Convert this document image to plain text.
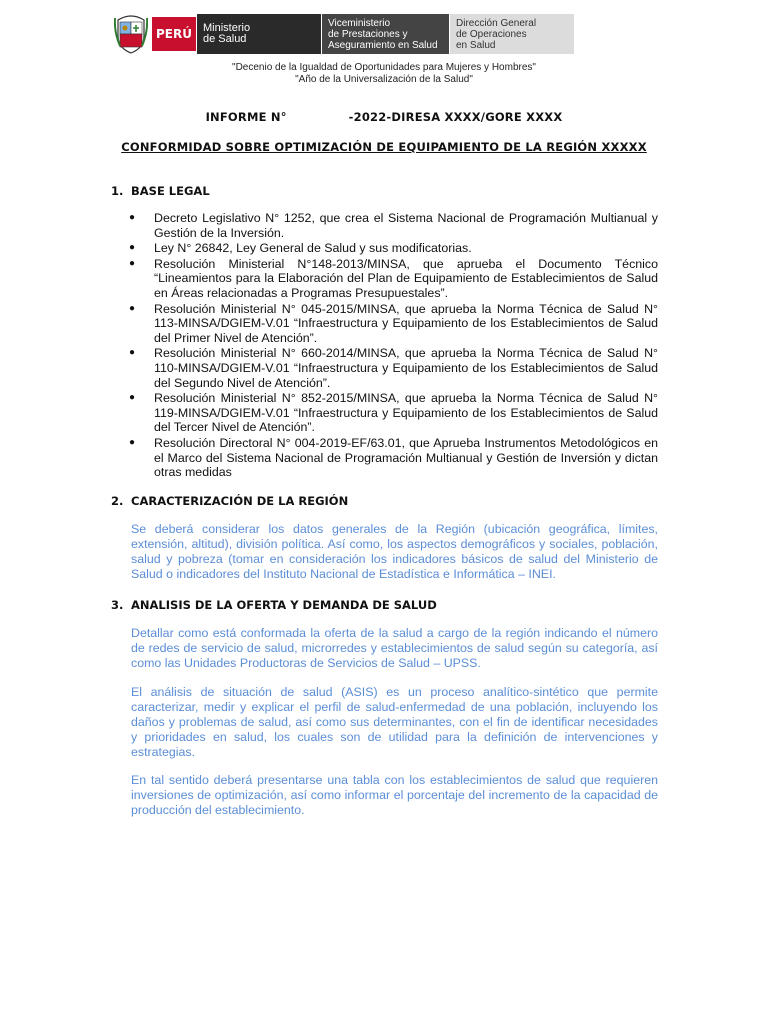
PERÚ Ministerio
de Salud
Viceministerio
de Prestaciones y
Aseguramiento en Salud
Dirección General
de Operaciones
en Salud
"Decenio de la Igualdad de Oportunidades para Mujeres y Hombres"
"Año de la Universalización de la Salud"
INFORME N°	-2022-DIRESA XXXX/GORE XXXX
CONFORMIDAD SOBRE OPTIMIZACIÓN DE EQUIPAMIENTO DE LA REGIÓN XXXXX
1. BASE LEGAL
● Decreto Legislativo N° 1252, que crea el Sistema Nacional de Programación Multianual y Gestión de la Inversión.
● Ley N° 26842, Ley General de Salud y sus modificatorias.
● Resolución Ministerial N°148-2013/MINSA, que aprueba el Documento Técnico “Lineamientos para la Elaboración del Plan de Equipamiento de Establecimientos de Salud en Áreas relacionadas a Programas Presupuestales”.
● Resolución Ministerial N° 045-2015/MINSA, que aprueba la Norma Técnica de Salud N° 113-MINSA/DGIEM-V.01 “Infraestructura y Equipamiento de los Establecimientos de Salud del Primer Nivel de Atención”.
● Resolución Ministerial N° 660-2014/MINSA, que aprueba la Norma Técnica de Salud N° 110-MINSA/DGIEM-V.01 “Infraestructura y Equipamiento de los Establecimientos de Salud del Segundo Nivel de Atención”.
● Resolución Ministerial N° 852-2015/MINSA, que aprueba la Norma Técnica de Salud N° 119-MINSA/DGIEM-V.01 “Infraestructura y Equipamiento de los Establecimientos de Salud del Tercer Nivel de Atención”.
● Resolución Directoral N° 004-2019-EF/63.01, que Aprueba Instrumentos Metodológicos en el Marco del Sistema Nacional de Programación Multianual y Gestión de Inversión y dictan otras medidas
2. CARACTERIZACIÓN DE LA REGIÓN

Se deberá considerar los datos generales de la Región (ubicación geográfica, límites, extensión, altitud), división política. Así como, los aspectos demográficos y sociales, población, salud y pobreza (tomar en consideración los indicadores básicos de salud del Ministerio de Salud o indicadores del Instituto Nacional de Estadística e Informática – INEI.

3. ANALISIS DE LA OFERTA Y DEMANDA DE SALUD

Detallar como está conformada la oferta de la salud a cargo de la región indicando el número de redes de servicio de salud, microrredes y establecimientos de salud según su categoría, así como las Unidades Productoras de Servicios de Salud – UPSS.

El análisis de situación de salud (ASIS) es un proceso analítico-sintético que permite caracterizar, medir y explicar el perfil de salud-enfermedad de una población, incluyendo los daños y problemas de salud, así como sus determinantes, con el fin de identificar necesidades y prioridades en salud, los cuales son de utilidad para la definición de intervenciones y estrategias.

En tal sentido deberá presentarse una tabla con los establecimientos de salud que requieren inversiones de optimización, así como informar el porcentaje del incremento de la capacidad de producción del establecimiento.
